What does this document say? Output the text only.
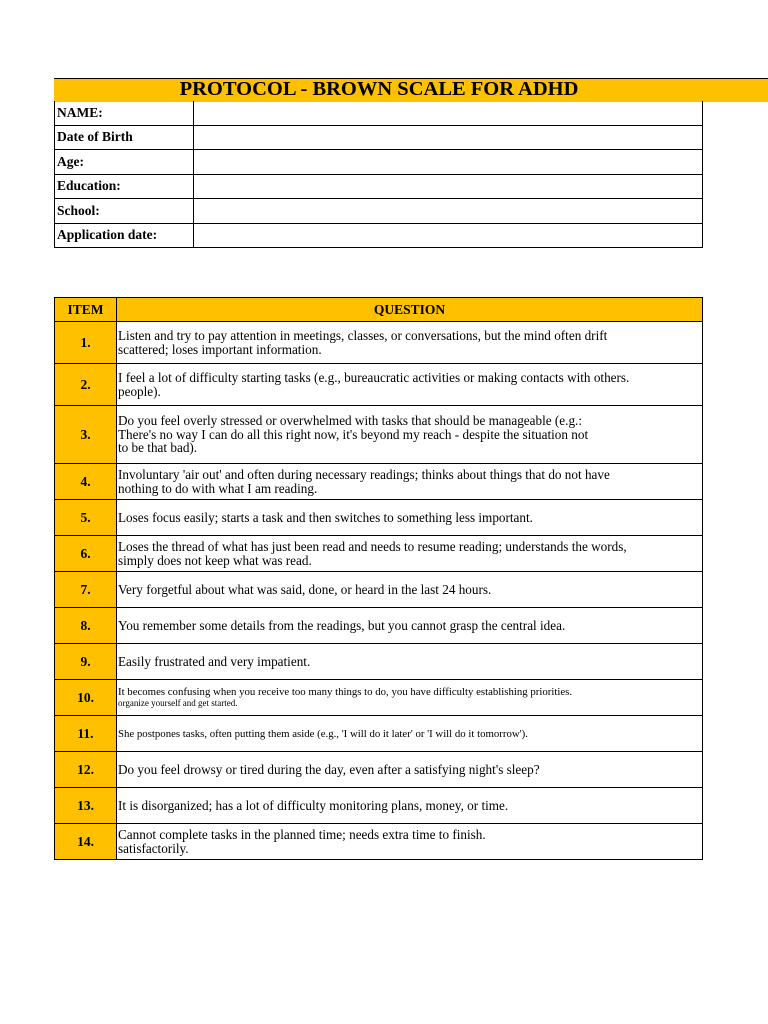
PROTOCOL - BROWN SCALE FOR ADHD
NAME:	
Date of Birth	
Age:	
Education:	
School:	
Application date:	
ITEM	QUESTION
1.	Listen and try to pay attention in meetings, classes, or conversations, but the mind often drift
scattered; loses important information.

2.	I feel a lot of difficulty starting tasks (e.g., bureaucratic activities or making contacts with others.
people).

3.	Do you feel overly stressed or overwhelmed with tasks that should be manageable (e.g.:
There's no way I can do all this right now, it's beyond my reach - despite the situation not
to be that bad).

4.	Involuntary 'air out' and often during necessary readings; thinks about things that do not have
nothing to do with what I am reading.

5.	Loses focus easily; starts a task and then switches to something less important.

6.	Loses the thread of what has just been read and needs to resume reading; understands the words,
simply does not keep what was read.

7.	Very forgetful about what was said, done, or heard in the last 24 hours.

8.	You remember some details from the readings, but you cannot grasp the central idea.

9.	Easily frustrated and very impatient.

10.	It becomes confusing when you receive too many things to do, you have difficulty establishing priorities.
organize yourself and get started.

11.	She postpones tasks, often putting them aside (e.g., 'I will do it later' or 'I will do it tomorrow').

12.	Do you feel drowsy or tired during the day, even after a satisfying night's sleep?

13.	It is disorganized; has a lot of difficulty monitoring plans, money, or time.

14.	Cannot complete tasks in the planned time; needs extra time to finish.
satisfactorily.
